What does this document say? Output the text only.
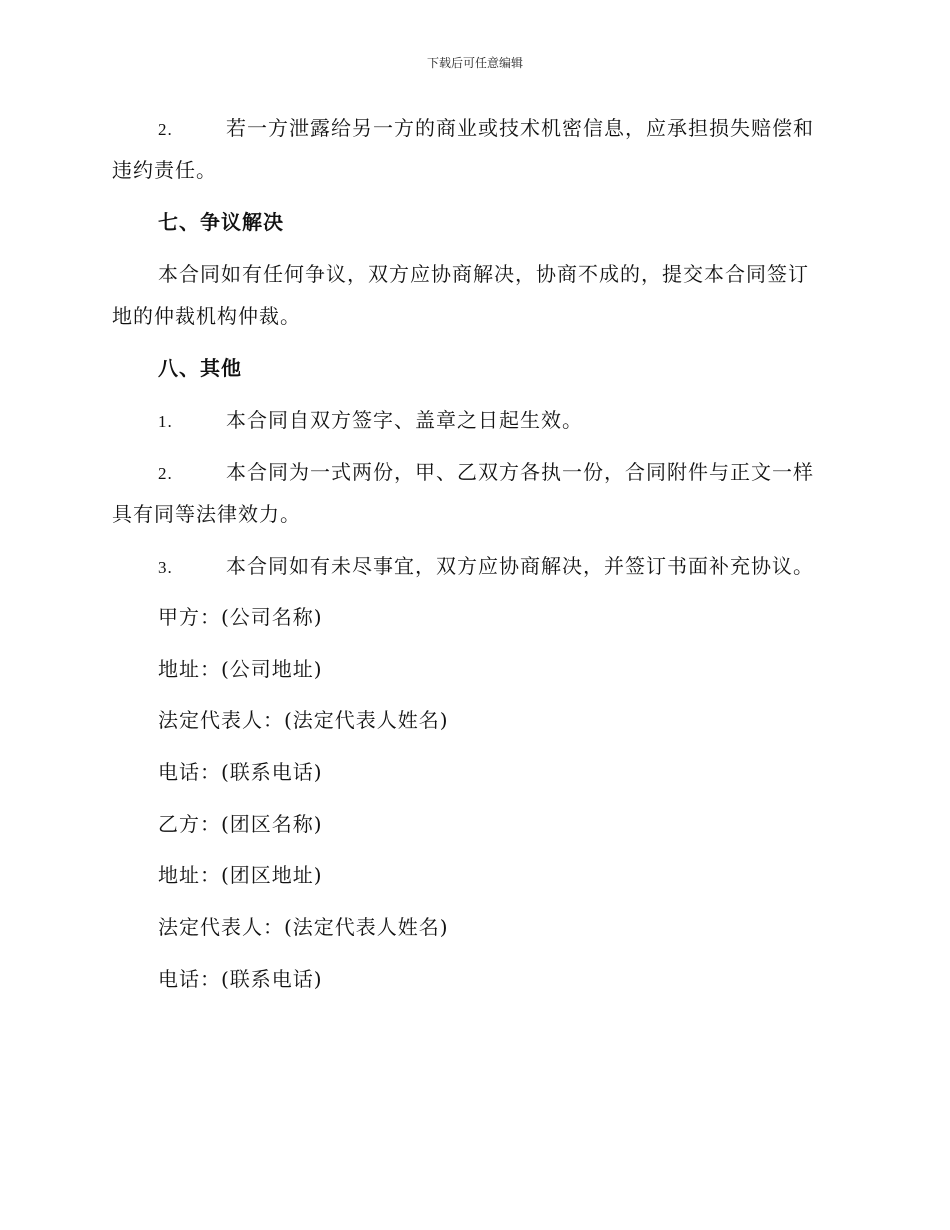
下载后可任意编辑
2.	若一方泄露给另一方的商业或技术机密信息，应承担损失赔偿和
违约责任。
七、争议解决
本合同如有任何争议，双方应协商解决，协商不成的，提交本合同签订
地的仲裁机构仲裁。
八、其他
1.	本合同自双方签字、盖章之日起生效。
2.	本合同为一式两份，甲、乙双方各执一份，合同附件与正文一样
具有同等法律效力。
3.	本合同如有未尽事宜，双方应协商解决，并签订书面补充协议。
甲方：(公司名称)
地址：(公司地址)
法定代表人：(法定代表人姓名)
电话：(联系电话)
乙方：(团区名称)
地址：(团区地址)
法定代表人：(法定代表人姓名)
电话：(联系电话)
